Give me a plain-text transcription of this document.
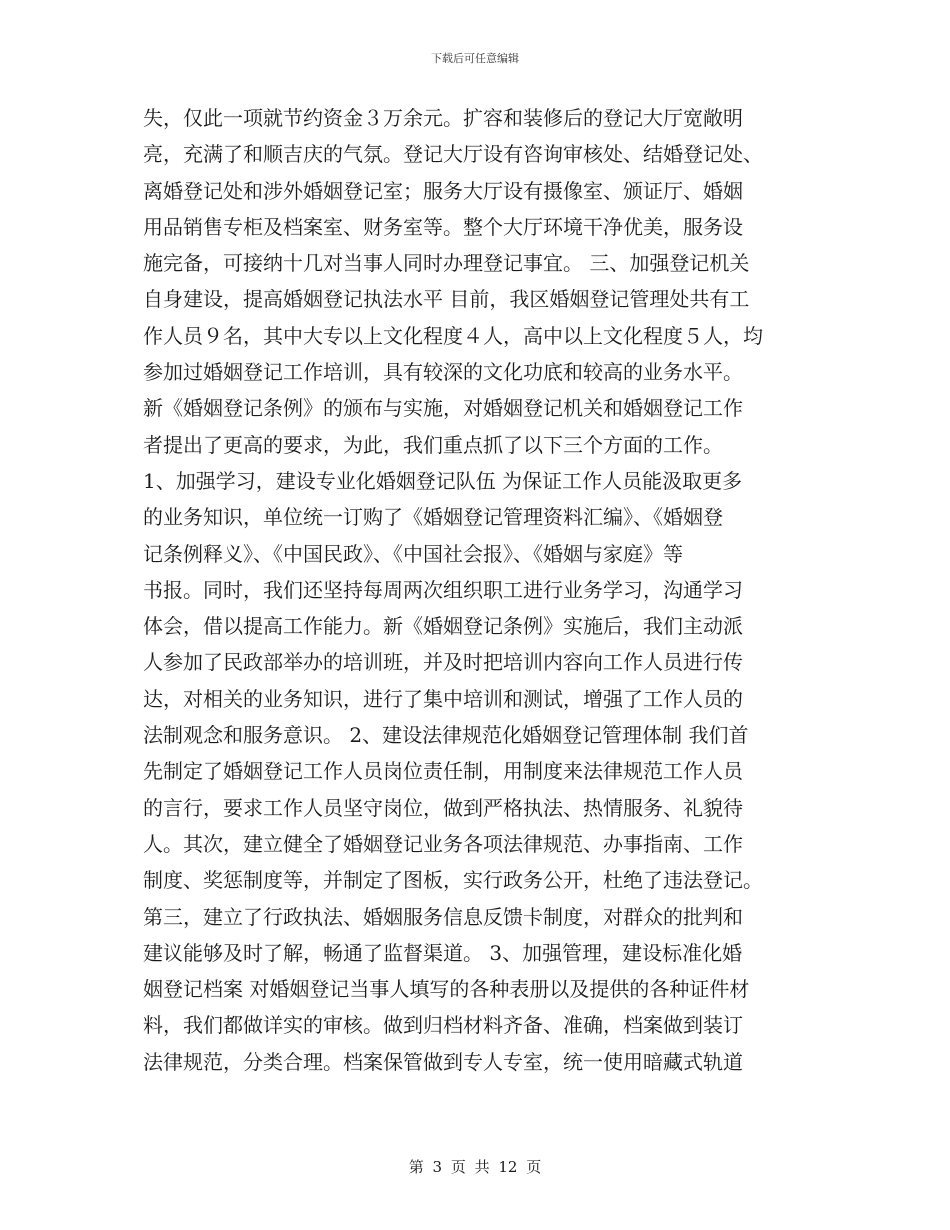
下载后可任意编辑
失，仅此一项就节约资金３万余元。扩容和装修后的登记大厅宽敞明
亮，充满了和顺吉庆的气氛。登记大厅设有咨询审核处、结婚登记处、
离婚登记处和涉外婚姻登记室；服务大厅设有摄像室、颁证厅、婚姻
用品销售专柜及档案室、财务室等。整个大厅环境干净优美，服务设
施完备，可接纳十几对当事人同时办理登记事宜。 三、加强登记机关
自身建设，提高婚姻登记执法水平 目前，我区婚姻登记管理处共有工
作人员９名，其中大专以上文化程度４人，高中以上文化程度５人，均
参加过婚姻登记工作培训，具有较深的文化功底和较高的业务水平。
新《婚姻登记条例》的颁布与实施，对婚姻登记机关和婚姻登记工作
者提出了更高的要求，为此，我们重点抓了以下三个方面的工作。
1、加强学习，建设专业化婚姻登记队伍 为保证工作人员能汲取更多
的业务知识，单位统一订购了《婚姻登记管理资料汇编》、《婚姻登
记条例释义》、《中国民政》、《中国社会报》、《婚姻与家庭》等
书报。同时，我们还坚持每周两次组织职工进行业务学习，沟通学习
体会，借以提高工作能力。新《婚姻登记条例》实施后，我们主动派
人参加了民政部举办的培训班，并及时把培训内容向工作人员进行传
达，对相关的业务知识，进行了集中培训和测试，增强了工作人员的
法制观念和服务意识。 2、建设法律规范化婚姻登记管理体制 我们首
先制定了婚姻登记工作人员岗位责任制，用制度来法律规范工作人员
的言行，要求工作人员坚守岗位，做到严格执法、热情服务、礼貌待
人。其次，建立健全了婚姻登记业务各项法律规范、办事指南、工作
制度、奖惩制度等，并制定了图板，实行政务公开，杜绝了违法登记。
第三，建立了行政执法、婚姻服务信息反馈卡制度，对群众的批判和
建议能够及时了解，畅通了监督渠道。 3、加强管理，建设标准化婚
姻登记档案 对婚姻登记当事人填写的各种表册以及提供的各种证件材
料，我们都做详实的审核。做到归档材料齐备、准确，档案做到装订
法律规范，分类合理。档案保管做到专人专室，统一使用暗藏式轨道
第 3 页 共 12 页
